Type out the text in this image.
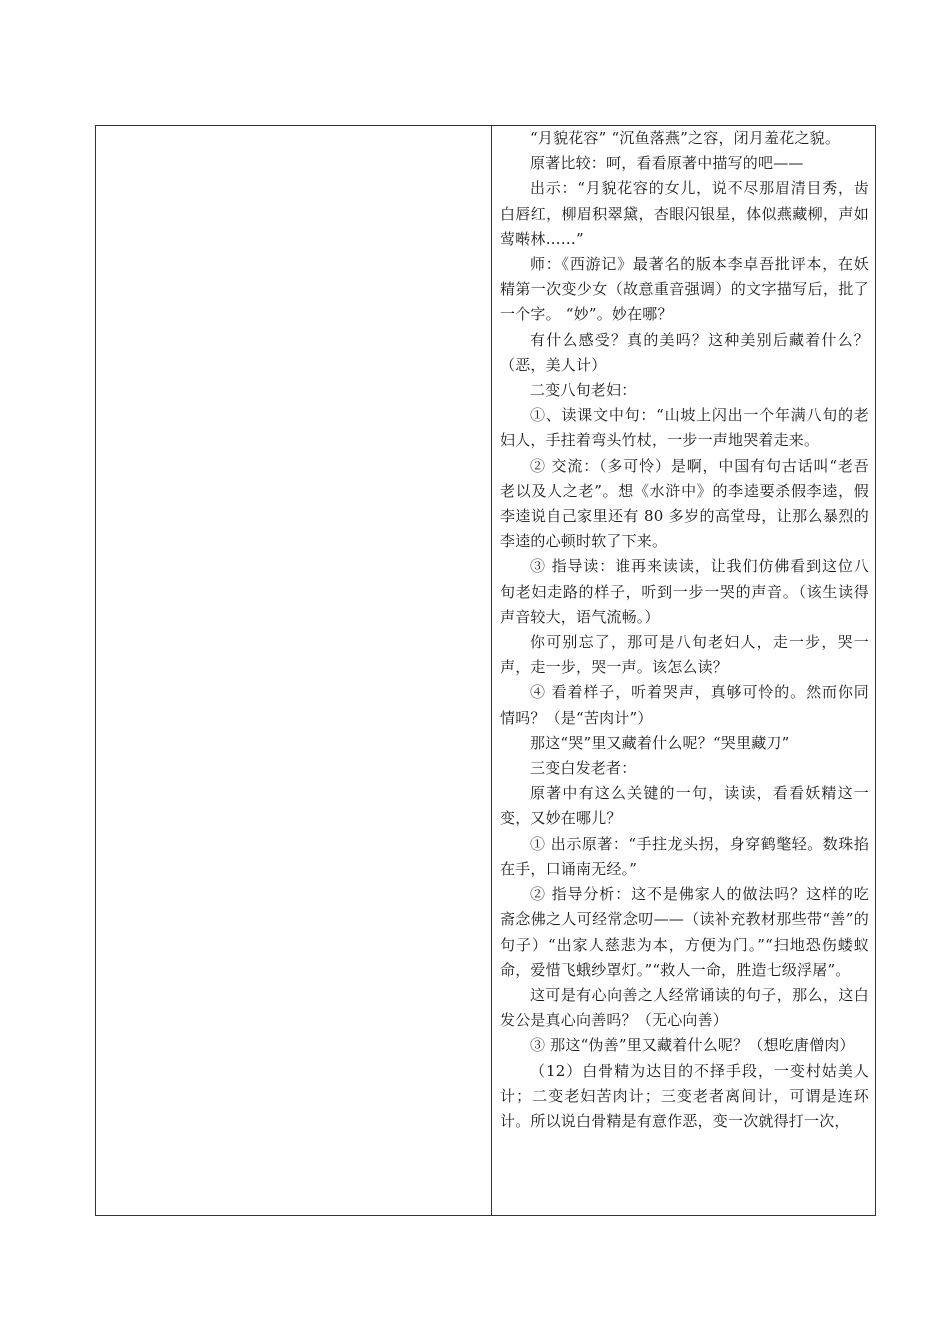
“月貌花容” “沉鱼落燕”之容，闭月羞花之貌。

原著比较：呵，看看原著中描写的吧——

出示：“月貌花容的女儿，说不尽那眉清目秀，齿白唇红，柳眉积翠黛，杏眼闪银星，体似燕藏柳，声如莺啭林……”

师：《西游记》最著名的版本李卓吾批评本，在妖精第一次变少女（故意重音强调）的文字描写后，批了一个字。 “妙”。妙在哪？

有什么感受？真的美吗？这种美别后藏着什么？ （恶，美人计）

二变八旬老妇：

①、读课文中句：“山坡上闪出一个年满八旬的老妇人，手拄着弯头竹杖，一步一声地哭着走来。

② 交流：（多可怜）是啊，中国有句古话叫“老吾老以及人之老”。想《水浒中》的李逵要杀假李逵，假李逵说自己家里还有 80 多岁的高堂母，让那么暴烈的李逵的心顿时软了下来。

③ 指导读：谁再来读读，让我们仿佛看到这位八旬老妇走路的样子，听到一步一哭的声音。（该生读得声音较大，语气流畅。）

你可别忘了，那可是八旬老妇人，走一步，哭一声，走一步，哭一声。该怎么读？

④ 看着样子，听着哭声，真够可怜的。然而你同情吗？（是“苦肉计”）

那这“哭”里又藏着什么呢？“哭里藏刀”

三变白发老者：

原著中有这么关键的一句，读读，看看妖精这一变，又妙在哪儿？

① 出示原著：“手拄龙头拐，身穿鹤氅轻。数珠掐在手，口诵南无经。”

② 指导分析：这不是佛家人的做法吗？这样的吃斋念佛之人可经常念叨——（读补充教材那些带“善”的句子）“出家人慈悲为本，方便为门。”“扫地恐伤蝼蚁命，爱惜飞蛾纱罩灯。”“救人一命，胜造七级浮屠”。

这可是有心向善之人经常诵读的句子，那么，这白发公是真心向善吗？（无心向善）

③ 那这“伪善”里又藏着什么呢？（想吃唐僧肉）

（12）白骨精为达目的不择手段，一变村姑美人计；二变老妇苦肉计；三变老者离间计，可谓是连环计。所以说白骨精是有意作恶，变一次就得打一次，
